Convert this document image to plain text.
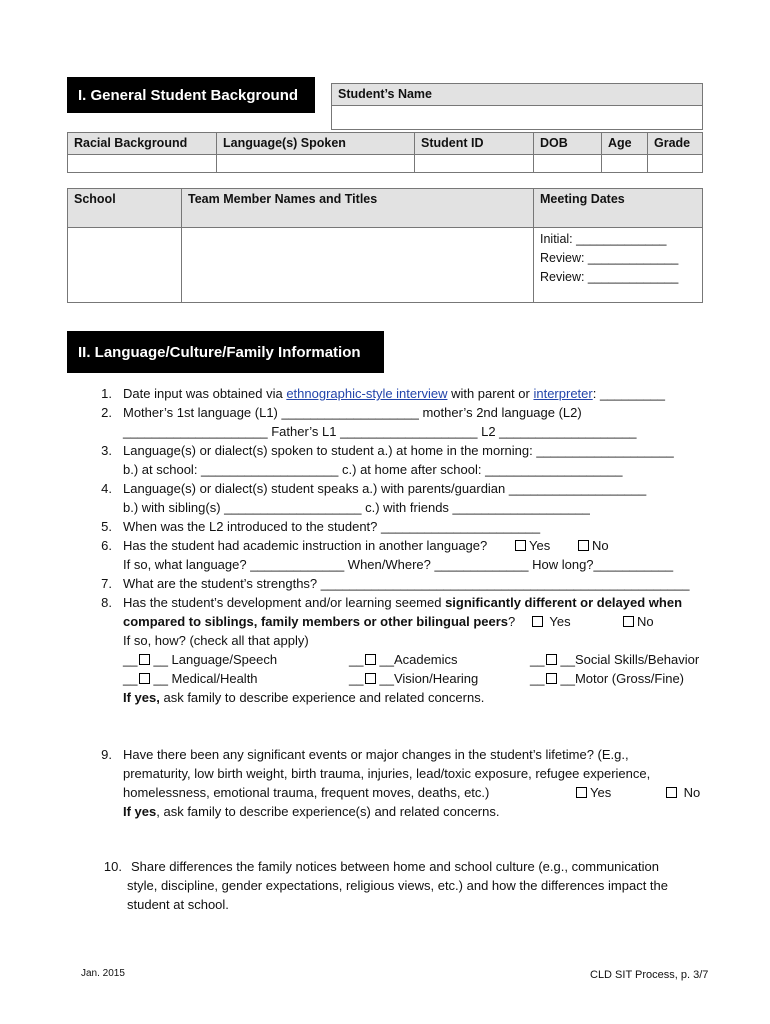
I. General Student Background	Student’s Name

Racial Background	Language(s) Spoken	Student ID	DOB	Age	Grade

School	Team Member Names and Titles	Meeting Dates

		Initial: _____________
Review: _____________
Review: _____________
II. Language/Culture/Family Information
1. Date input was obtained via ethnographic-style interview with parent or interpreter: _________
2. Mother’s 1st language (L1) ___________________ mother’s 2nd language (L2)
____________________ Father’s L1 ___________________ L2 ___________________
3. Language(s) or dialect(s) spoken to student a.) at home in the morning: ___________________
b.) at school: ___________________ c.) at home after school: ___________________
4. Language(s) or dialect(s) student speaks a.) with parents/guardian ___________________
b.) with sibling(s) ___________________ c.) with friends ___________________
5. When was the L2 introduced to the student? ______________________
6. Has the student had academic instruction in another language?	Yes	No
If so, what language? _____________ When/Where? _____________ How long?___________
7. What are the student’s strengths? ___________________________________________________
8. Has the student’s development and/or learning seemed significantly different or delayed when
compared to siblings, family members or other bilingual peers?	Yes	No
If so, how? (check all that apply)
__ __ Language/Speech	__ __Academics	__ __Social Skills/Behavior
__ __ Medical/Health	__ __Vision/Hearing	__ __Motor (Gross/Fine)
If yes, ask family to describe experience and related concerns.
9. Have there been any significant events or major changes in the student’s lifetime? (E.g.,
prematurity, low birth weight, birth trauma, injuries, lead/toxic exposure, refugee experience,
homelessness, emotional trauma, frequent moves, deaths, etc.)	Yes	No
If yes, ask family to describe experience(s) and related concerns.
10. Share differences the family notices between home and school culture (e.g., communication
style, discipline, gender expectations, religious views, etc.) and how the differences impact the
student at school.
Jan. 2015	CLD SIT Process, p. 3/7
